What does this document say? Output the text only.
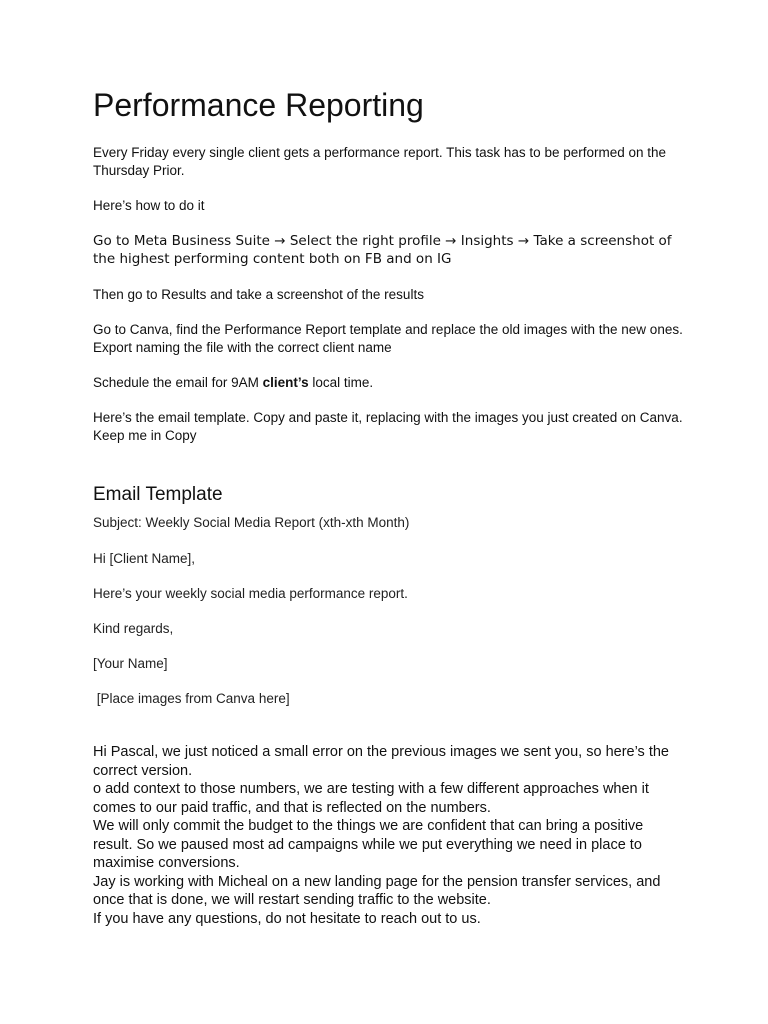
Performance Reporting

Every Friday every single client gets a performance report. This task has to be performed on the Thursday Prior.

Here’s how to do it

Go to Meta Business Suite → Select the right profile → Insights → Take a screenshot of the highest performing content both on FB and on IG

Then go to Results and take a screenshot of the results

Go to Canva, find the Performance Report template and replace the old images with the new ones. Export naming the file with the correct client name

Schedule the email for 9AM client’s local time.

Here’s the email template. Copy and paste it, replacing with the images you just created on Canva. Keep me in Copy

Email Template

Subject: Weekly Social Media Report (xth-xth Month)

Hi [Client Name],

Here’s your weekly social media performance report.

Kind regards,

[Your Name]

[Place images from Canva here]

Hi Pascal, we just noticed a small error on the previous images we sent you, so here’s the correct version.

o add context to those numbers, we are testing with a few different approaches when it comes to our paid traffic, and that is reflected on the numbers.

We will only commit the budget to the things we are confident that can bring a positive result. So we paused most ad campaigns while we put everything we need in place to maximise conversions.

Jay is working with Micheal on a new landing page for the pension transfer services, and once that is done, we will restart sending traffic to the website.

If you have any questions, do not hesitate to reach out to us.
